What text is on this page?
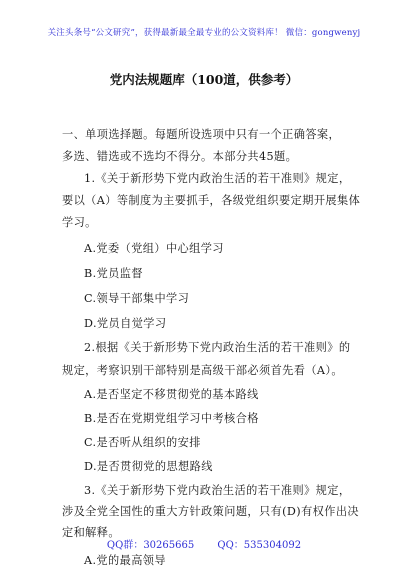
关注头条号“公文研究”，获得最新最全最专业的公文资料库！ 微信：gongwenyj
党内法规题库（100道，供参考）
一、单项选择题。每题所设选项中只有一个正确答案，
多选、错选或不选均不得分。本部分共45题。
1.《关于新形势下党内政治生活的若干准则》规定，
要以（A）等制度为主要抓手，各级党组织要定期开展集体
学习。
A.党委（党组）中心组学习
B.党员监督
C.领导干部集中学习
D.党员自觉学习
2.根据《关于新形势下党内政治生活的若干准则》的
规定，考察识别干部特别是高级干部必须首先看（A）。
A.是否坚定不移贯彻党的基本路线
B.是否在党期党组学习中考核合格
C.是否听从组织的安排
D.是否贯彻党的思想路线
3.《关于新形势下党内政治生活的若干准则》规定，
涉及全党全国性的重大方针政策问题，只有(D)有权作出决
定和解释。
A.党的最高领导
QQ群：30265665 QQ：535304092
